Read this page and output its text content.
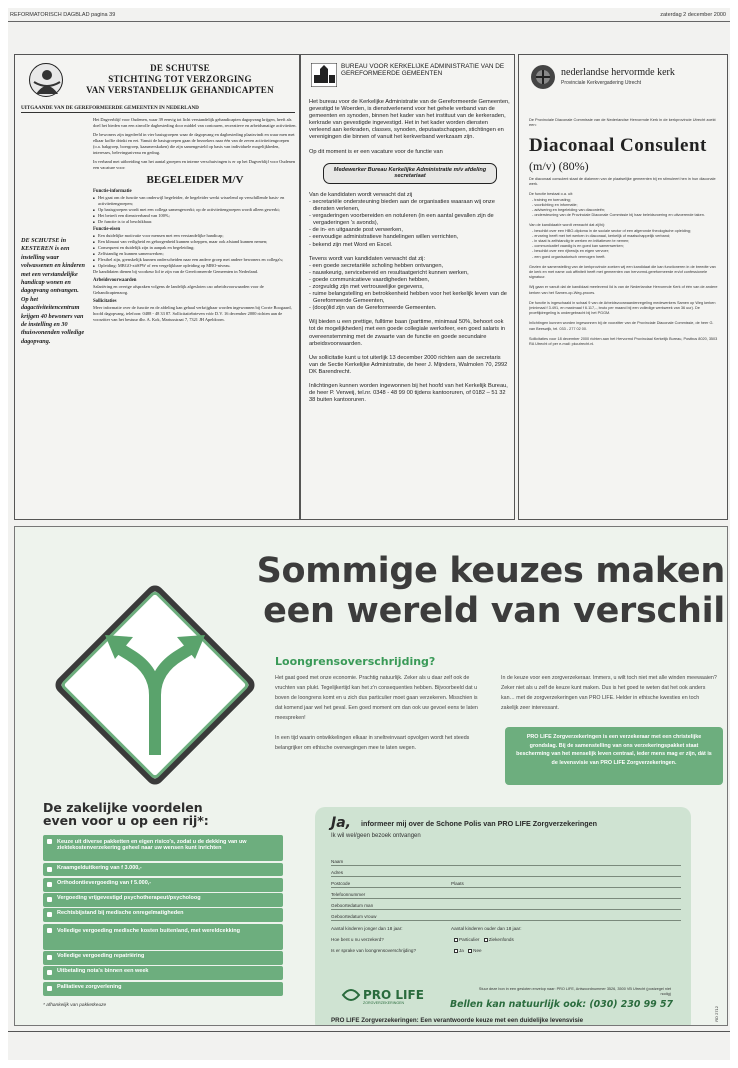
REFORMATORISCH DAGBLAD pagina 39	zaterdag 2 december 2000
DE SCHUTSE
STICHTING TOT VERZORGING
VAN VERSTANDELIJK GEHANDICAPTEN
UITGAANDE VAN DE GEREFORMEERDE GEMEENTEN IN NEDERLAND
DE SCHUTSE in KESTEREN is een instelling waar volwassenen en kinderen met een verstandelijke handicap wonen en dagopvang ontvangen. Op het dagactiviteitencentrum krijgen 40 bewoners van de instelling en 30 thuiswonenden volledige dagopvang.

Het Dagverblijf voor Oudenen, waar 39 eenvig tot licht verstandelijk gehandicapten dagopvang krijgen, heeft als doel het bieden van een zinvolle dagbesteding door middel van contouren, recreatieve en arbeidsmatige activiteiten.

De bewoners zijn ingedeeld in vier basisgroepen waar de dagopvang en dagbesteding plaatsvindt en waar men met elkaar koffie drinkt en eet. Vanuit de basisgroepen gaan de bezoekers naar één van de zeven activiteitengroepen (o.a. bakgroep, boergroep, kaasmerskaken) die zijn samengesteld op basis van individuele mogelijkheden, interesses, belevingsniveau en gedrag.

In verband met uitbreiding van het aantal groepen en interne verschuivingen is er op het Dagverblijf voor Oudenen een vacature voor:

BEGELEIDER M/V
Functie-informatie
■ Het gaat om de functie van onderwijl begeleider, de begeleider werkt wisselend op verschillende basis- en activiteitengroepen;
■ Op basisgroepen wordt met een collega samengewerkt; op de activiteitengroepen wordt alleen gewerkt;
■ Het betreft een dienstverband van 100%;
■ De functie is to al beschikbaar.
Functie-eisen
■ Een duidelijke motivatie voor mensen met een verstandelijke handicap;
■ Een klimaat van veiligheid en geborgenheid kunnen scheppen, maar ook afstand kunnen nemen;
■ Consequent en duidelijk zijn in aanpak en begeleiding;
■ Zelfstandig en kunnen samenwerken;
■ Flexibel zijn, grenskelijk kunnen onderscheiden naar een andere groep met andere bewoners en collega's;
■ Opleiding: MBGO-zitSPW of een vergelijkbare opleiding op MBO-niveau.

De kandidaten dienen bij voorkeur lid te zijn van de Gereformeerde Gemeenten in Nederland.

Arbeidsvoorwaarden

Salariëring en overige afspraken volgens de landelijk afgesloten cao arbeidsvoorwaarden voor de Gehandicaptenzorg.

Sollicitaties

Meer informatie over de functie en de afdeling kan gehaal verkrijgbaar worden ingewonnen bij Corrie Boogaard, hoofd dagopvang, telefoon: 0488 - 48 33 87. Sollicitatiebrieven vóór D.V. 16 december 2000 richten aan de voorzitter van het bestuur dhr. A. Kok, Mariusstraat 7, 7321 JH Apeldoorn.

BUREAU VOOR KERKELIJKE ADMINISTRATIE VAN DE GEREFORMEERDE GEMEENTEN

Het bureau voor de Kerkelijke Administratie van de Gereformeerde Gemeenten, gevestigd te Woerden, is dienstverlenend voor het gehele verband van de gemeenten en synoden, binnen het kader van het instituut van de kerkeraden, kerkrade van gevestigde ingevestigd. Het in het kader worden diensten verleend aan kerkraden, classes, synoden, deputaatschappen, stichtingen en verenigingen die binnen of vanuit het kerkverband werkzaam zijn.

Op dit moment is er een vacature voor de functie van

Medewerker Bureau Kerkelijke Administratie m/v afdeling secretariaat

Van de kandidaten wordt verwacht dat zij
- secretariële ondersteuning bieden aan de organisaties waaraan wij onze diensten verlenen,
- vergaderingen voorbereiden en notuleren (in een aantal gevallen zijn de vergaderingen 's avonds),
- de in- en uitgaande post verwerken,
- eenvoudige administratieve handelingen willen verrichten,
- bekend zijn met Word en Excel.

Tevens wordt van kandidaten verwacht dat zij:
- een goede secretariële scholing hebben ontvangen,
- nauwkeurig, servicebereid en resultaatgericht kunnen werken,
- goede communicatieve vaardigheden hebben,
- zorgvuldig zijn met vertrouwelijke gegevens,
- ruime belangstelling en betrokkenheid hebben voor het kerkelijk leven van de Gereformeerde Gemeenten,
- (doop)lid zijn van de Gereformeerde Gemeenten.

Wij bieden u een prettige, fulltime baan (parttime, minimaal 50%, behoort ook tot de mogelijkheden) met een goede collegiale werksfeer, een goed salaris in overeenstemming met de zwaarte van de functie en goede secundaire arbeidsvoorwaarden.

Uw sollicitatie kunt u tot uiterlijk 13 december 2000 richten aan de secretaris van de Sectie Kerkelijke Administratie, de heer J. Mijnders, Walmolen 70, 2992 DK Barendrecht.

Inlichtingen kunnen worden ingewonnen bij het hoofd van het Kerkelijk Bureau, de heer P. Verweij, tel.nr. 0348 - 48 99 00 tijdens kantooruren, of 0182 – 51 32 38 buiten kantooruren.

nederlandse hervormde kerk
Provinciale Kerkvergadering Utrecht
De Provinciale Diaconale Commissie van de Nederlandse Hervormde Kerk in de kerkprovincie Utrecht zoekt een:
Diaconaal Consulent
(m/v) (80%)

De diaconaal consulent staat de diakenen van de plaatselijke gemeenten bij en stimuleert hen in hun diaconale werk.

De functie bestaat o.a. uit:
- training en toerusting;
- voorlichting en informatie;
- advisering en begeleiding van diaconieën;
- ondersteuning van de Provinciale Diaconale Commissie bij haar beleidsvoering en uitvoerende taken.

Van de kandidaat/e wordt verwacht dat zij/hij:
- beschikt over een HBO-diploma in de sociale sector of een afgeronde theologische opleiding;
- ervaring heeft met het werken in diaconaal, kerkelijk of maatschappelijk verband;
- in staat is zelfstandig te werken en initiatieven te nemen;
- communicatief vaardig is en goed kan samenwerken;
- beschikt over een rijbewijs en eigen vervoer;
- een goed organisatorisch vermogen heeft.

Gezien de samenstelling van de kerkprovincie zoeken wij een kandidaat die kan functioneren in de breedte van de kerk en met name ook affiniteit heeft met gemeenten van hervormd-gereformeerde en/of confessionele signatuur.

Wij gaan er vanuit dat de kandidaat meelevend lid is van de Nederlandse Hervormde Kerk of één van de andere kerken van het Samen-op-Weg-proces.

De functie is ingeschaald in schaal 9 van de Arbeidsvoorwaardenregeling medewerkers Samen op Weg kerken (minimaal f 3.491, en maximaal f 6.117,-, bruto per maand bij een volledige werkweek van 36 uur). De proeftijdregeling is ondergebracht bij het PGGM.

Inlichtingen kunnen worden ingewonnen bij de voorzitter van de Provinciale Diaconale Commissie, de heer G. van Beeswijk, tel. 033 - 277 02 00.

Sollicitaties voor 18 december 2000 richten aan het Hervormd Provinciaal Kerkelijk Bureau, Postbus 8020, 3503 RA Utrecht of per e-mail: pkcutrecht.nl.

Sommige keuzes maken
een wereld van verschil
Loongrensoverschrijding?
Het gaat goed met onze economie. Prachtig natuurlijk. Zeker als u daar zelf ook de vruchten van plukt. Tegelijkertijd kan het z'n consequenties hebben. Bijvoorbeeld dat u boven de loongrens komt en u zich dus particulier moet gaan verzekeren. Misschien is dat komend jaar wel het geval. Een goed moment om dan ook uw gevoel eens te laten meespreken!
In een tijd waarin ontwikkelingen elkaar in sneltreinvaart opvolgen wordt het steeds belangrijker om ethische overwegingen mee te laten wegen.
In de keuze voor een zorgverzekeraar. Immers, u wilt toch niet met alle winden meewaaien? Zeker niet als u zelf de keuze kunt maken. Dus is het goed te weten dat het ook anders kan… met de zorgverzekeringen van PRO LIFE. Helder in ethische kwesties en toch zakelijk zeer interessant.
PRO LIFE Zorgverzekeringen is een verzekeraar met een christelijke grondslag. Bij de samenstelling van ons verzekeringspakket staat bescherming van het menselijk leven centraal, ieder mens mag er zijn, dát is de levensvisie van PRO LIFE Zorgverzekeringen.
De zakelijke voordelen
even voor u op een rij*:
Keuze uit diverse pakketten en eigen risico's, zodat u de dekking van uw ziektekostenverzekering geheel naar uw wensen kunt inrichten
Kraamgelduitkering van f 3.000,-
Orthodontievergoeding van f 5.000,-
Vergoeding vrijgevestigd psychotherapeut/psycholoog
Rechtsbijstand bij medische onregelmatigheden
Volledige vergoeding medische kosten buitenland, met wereldcekking
Volledige vergoeding repatriëring
Uitbetaling nota's binnen een week
Palliatieve zorgverlening
* afhankelijk van pakketkeuze
Ja, informeer mij over de Schone Polis van PRO LIFE Zorgverzekeringen
Ik wil wel/geen bezoek ontvangen
Naam
Adres
Postcode	Plaats
Telefoonnummer
Geboortedatum man
Geboortedatum vrouw
Aantal kinderen jonger dan 18 jaar:	Aantal kinderen ouder dan 18 jaar:
Hoe bent u nu verzekerd?	Particulier Ziekenfonds
Is er sprake van loongrensoverschrijding?	Ja Nee
PRO LIFE
ZORGVERZEKERINGEN
Stuur deze bon in een gesloten envelop naar: PRO LIFE, Antwoordnummer 3526, 3500 VB Utrecht (postzegel niet nodig)
Bellen kan natuurlijk ook: (030) 230 99 57
PRO LIFE Zorgverzekeringen: Een verantwoorde keuze met een duidelijke levensvisie	RD 2712
